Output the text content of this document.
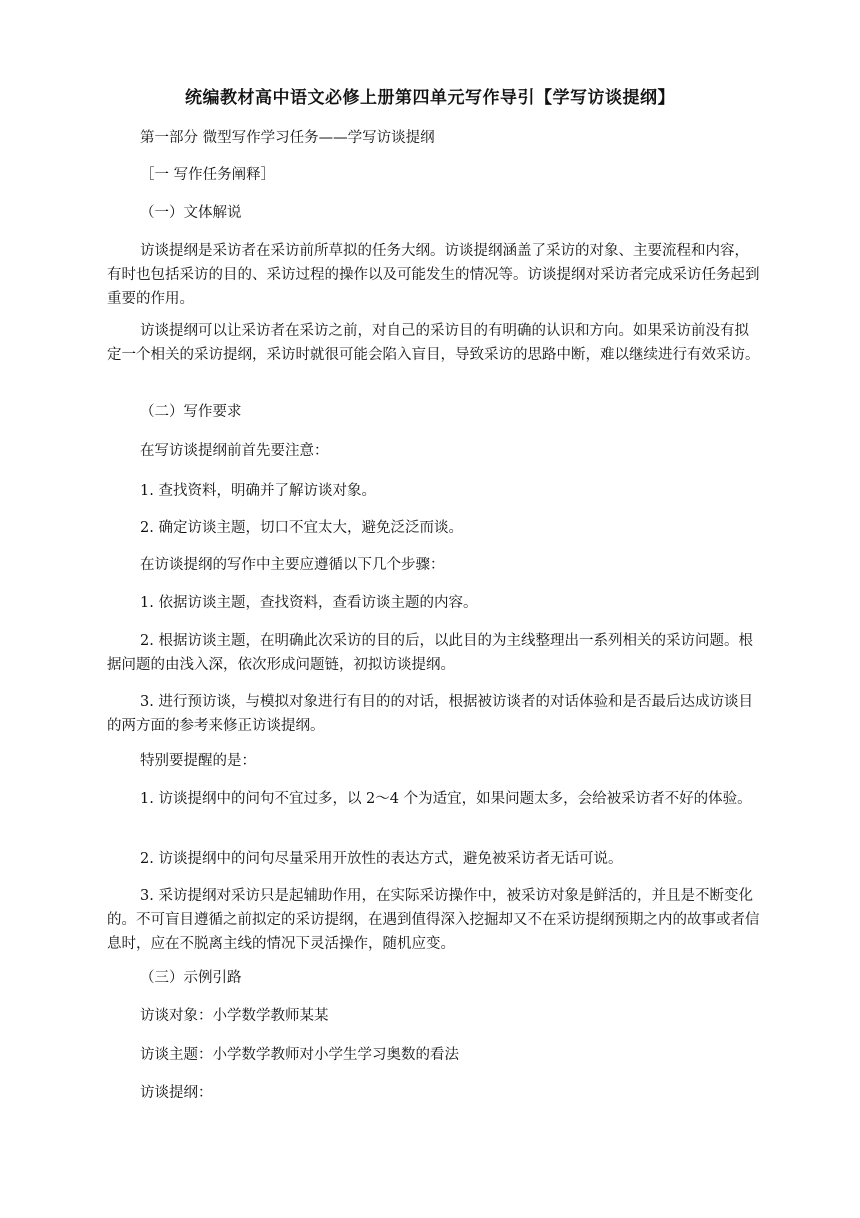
统编教材高中语文必修上册第四单元写作导引【学写访谈提纲】
第一部分 微型写作学习任务——学写访谈提纲
［一 写作任务阐释］
（一）文体解说
访谈提纲是采访者在采访前所草拟的任务大纲。访谈提纲涵盖了采访的对象、主要流程和内容，有时也包括采访的目的、采访过程的操作以及可能发生的情况等。访谈提纲对采访者完成采访任务起到重要的作用。
访谈提纲可以让采访者在采访之前，对自己的采访目的有明确的认识和方向。如果采访前没有拟定一个相关的采访提纲，采访时就很可能会陷入盲目，导致采访的思路中断，难以继续进行有效采访。
（二）写作要求
在写访谈提纲前首先要注意：
1. 查找资料，明确并了解访谈对象。
2. 确定访谈主题，切口不宜太大，避免泛泛而谈。
在访谈提纲的写作中主要应遵循以下几个步骤：
1. 依据访谈主题，查找资料，查看访谈主题的内容。
2. 根据访谈主题，在明确此次采访的目的后，以此目的为主线整理出一系列相关的采访问题。根据问题的由浅入深，依次形成问题链，初拟访谈提纲。
3. 进行预访谈，与模拟对象进行有目的的对话，根据被访谈者的对话体验和是否最后达成访谈目的两方面的参考来修正访谈提纲。
特别要提醒的是：
1. 访谈提纲中的问句不宜过多，以 2～4 个为适宜，如果问题太多，会给被采访者不好的体验。
2. 访谈提纲中的问句尽量采用开放性的表达方式，避免被采访者无话可说。
3. 采访提纲对采访只是起辅助作用，在实际采访操作中，被采访对象是鲜活的，并且是不断变化的。不可盲目遵循之前拟定的采访提纲，在遇到值得深入挖掘却又不在采访提纲预期之内的故事或者信息时，应在不脱离主线的情况下灵活操作，随机应变。
（三）示例引路
访谈对象：小学数学教师某某
访谈主题：小学数学教师对小学生学习奥数的看法
访谈提纲：
